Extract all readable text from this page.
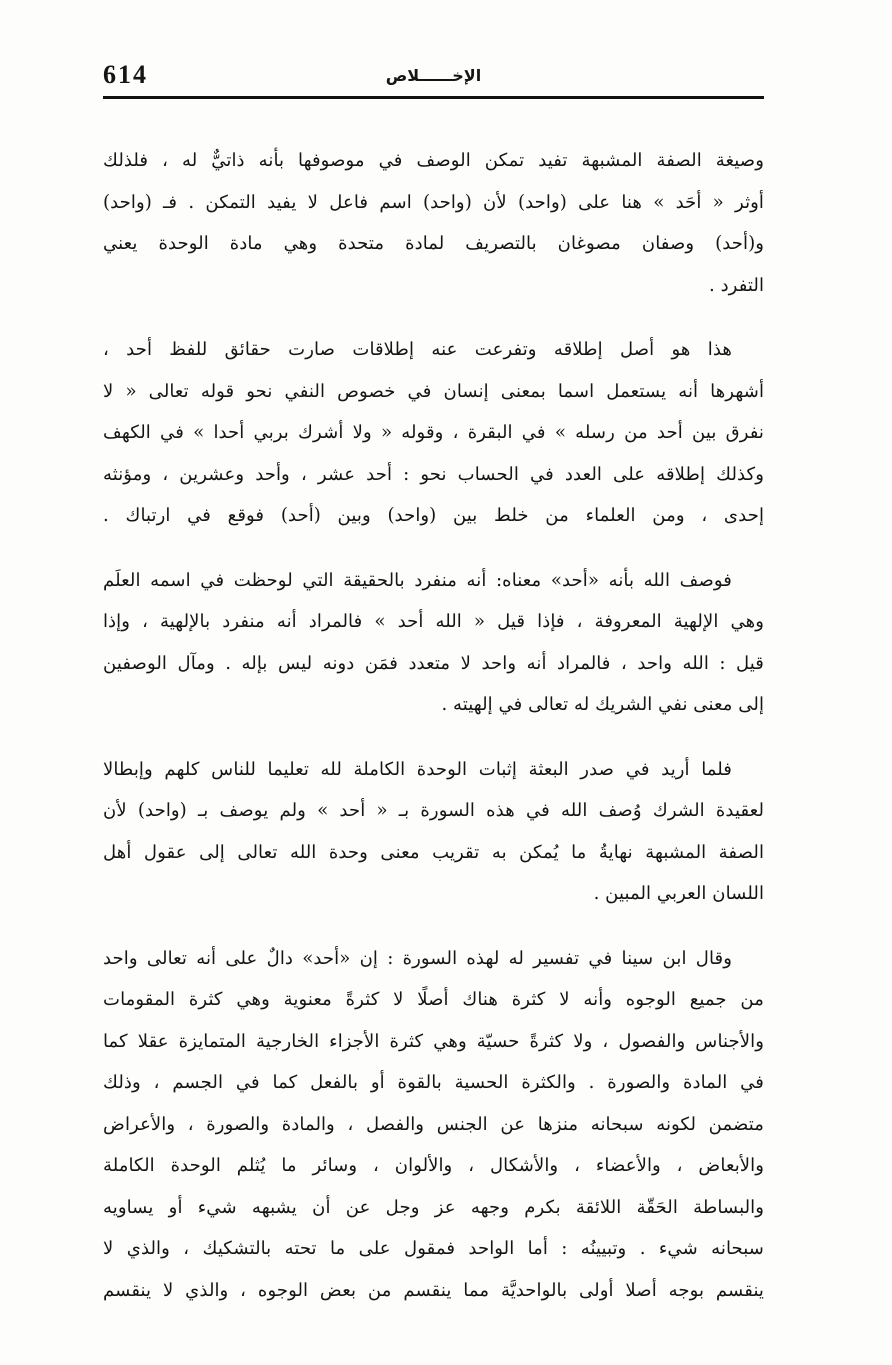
614	الإخــــــلاص
وصيغة الصفة المشبهة تفيد تمكن الوصف في موصوفها بأنه ذاتيٌّ له ، فلذلك
أوثر « أحَد » هنا على (واحد) لأن (واحد) اسم فاعل لا يفيد التمكن . فـ (واحد)
و(أحد) وصفان مصوغان بالتصريف لمادة متحدة وهي مادة الوحدة يعني
التفرد .
هذا هو أصل إطلاقه وتفرعت عنه إطلاقات صارت حقائق للفظ أحد ،
أشهرها أنه يستعمل اسما بمعنى إنسان في خصوص النفي نحو قوله تعالى « لا
نفرق بين أحد من رسله » في البقرة ، وقوله « ولا أشرك بربي أحدا » في الكهف
وكذلك إطلاقه على العدد في الحساب نحو : أحد عشر ، وأحد وعشرين ، ومؤنثه
إحدى ، ومن العلماء من خلط بين (واحد) وبين (أحد) فوقع في ارتباك .
فوصف الله بأنه «أحد» معناه: أنه منفرد بالحقيقة التي لوحظت في اسمه العلَم
وهي الإلهية المعروفة ، فإذا قيل « الله أحد » فالمراد أنه منفرد بالإلهية ، وإذا
قيل : الله واحد ، فالمراد أنه واحد لا متعدد فمَن دونه ليس بإله . ومآل الوصفين
إلى معنى نفي الشريك له تعالى في إلهيته .
فلما أريد في صدر البعثة إثبات الوحدة الكاملة لله تعليما للناس كلهم وإبطالا
لعقيدة الشرك وُصف الله في هذه السورة بـ « أحد » ولم يوصف بـ (واحد) لأن
الصفة المشبهة نهايةُ ما يُمكن به تقريب معنى وحدة الله تعالى إلى عقول أهل
اللسان العربي المبين .
وقال ابن سينا في تفسير له لهذه السورة : إن «أحد» دالٌ على أنه تعالى واحد
من جميع الوجوه وأنه لا كثرة هناك أصلًا لا كثرةً معنوية وهي كثرة المقومات
والأجناس والفصول ، ولا كثرةً حسيّة وهي كثرة الأجزاء الخارجية المتمايزة عقلا كما
في المادة والصورة . والكثرة الحسية بالقوة أو بالفعل كما في الجسم ، وذلك
متضمن لكونه سبحانه منزها عن الجنس والفصل ، والمادة والصورة ، والأعراض
والأبعاض ، والأعضاء ، والأشكال ، والألوان ، وسائر ما يُثلم الوحدة الكاملة
والبساطة الحَقّة اللائقة بكرم وجهه عز وجل عن أن يشبهه شيء أو يساويه
سبحانه شيء . وتبيينُه : أما الواحد فمقول على ما تحته بالتشكيك ، والذي لا
ينقسم بوجه أصلا أولى بالواحديَّة مما ينقسم من بعض الوجوه ، والذي لا ينقسم
